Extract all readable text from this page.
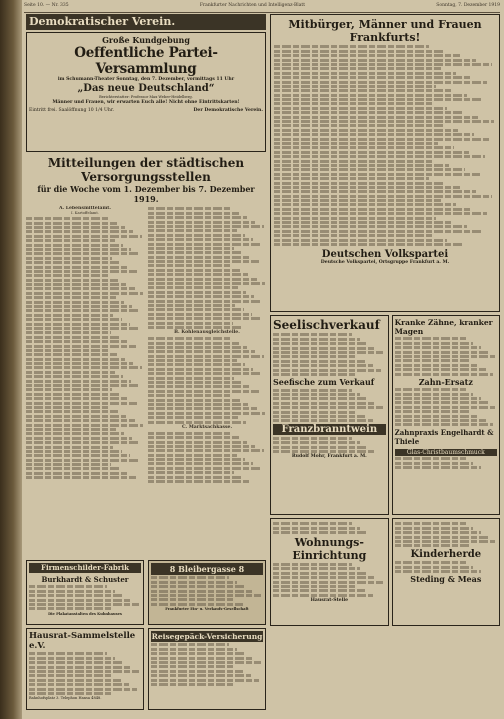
Seite 10. — Nr. 335	Frankfurter Nachrichten und Intelligenz-Blatt	Sonntag, 7. Dezember 1919
Demokratischer Verein.
Große Kundgebung
Oeffentliche Partei-Versammlung
im Schumann-Theater Sonntag, den 7. Dezember, vormittags 11 Uhr
„Das neue Deutschland“
Berichterstatter: Professor Max Weber-Heidelberg.
Männer und Frauen, wir erwarten Euch alle! Nicht ohne Eintrittskarten!
Eintritt frei. Saalöffnung 10 1/4 Uhr.	Der Demokratische Verein.
Mitteilungen der städtischen Versorgungsstellen
für die Woche vom 1. Dezember bis 7. Dezember 1919.
A. Lebensmittelamt.
I. Kartoffelamt.
B. Kohlenausgleichstelle.
C. Marktsachkasse.
Firmenschilder-Fabrik
Burkhardt & Schuster
Die Plakatanstalten des Kuhnhauses
8 Bleibergasse 8
Frankfurter Ein- u. Verkaufs-Gesellschaft
Hausrat-Sammelstelle e.V.
Bahnhofsplatz 3. Telephon Hansa 4848.
Reisegepäck-Versicherung
Mitbürger, Männer und Frauen Frankfurts!
Deutschen Volkspartei
Deutsche Volkspartei, Ortsgruppe Frankfurt a. M.
Seelischverkauf
Seefische zum Verkauf
Franzbranntwein
Rudolf Mohr, Frankfurt a. M.
Kranke Zähne, kranker Magen
Zahn-Ersatz
Zahnpraxis Engelhardt & Thiele
Glas-Christbaumschmuck
Wohnungs-Einrichtung
Hausrat-Stelle
Kinderherde
Steding & Meas
